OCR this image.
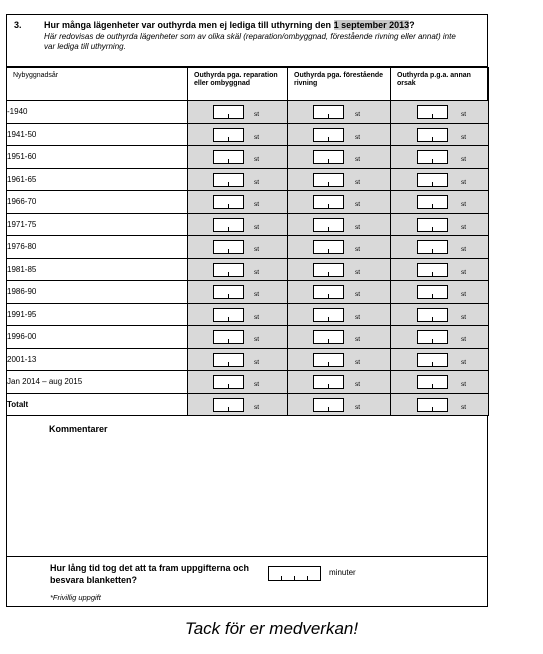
3. Hur många lägenheter var outhyrda men ej lediga till uthyrning den 1 september 2013?
Här redovisas de outhyrda lägenheter som av olika skäl (reparation/ombyggnad, förestående rivning eller annat) inte var lediga till uthyrning.
Nybyggnadsår	Outhyrda pga. reparation eller ombyggnad	Outhyrda pga. förestående rivning	Outhyrda p.g.a. annan orsak
-1940	st	st	st

1941-50	st	st	st

1951-60	st	st	st

1961-65	st	st	st

1966-70	st	st	st

1971-75	st	st	st

1976-80	st	st	st

1981-85	st	st	st

1986-90	st	st	st

1991-95	st	st	st

1996-00	st	st	st

2001-13	st	st	st

Jan 2014 – aug 2015	st	st	st

Totalt	st	st	st
Kommentarer
Hur lång tid tog det att ta fram uppgifterna och besvara blanketten?
minuter
*Frivillig uppgift
Tack för er medverkan!
